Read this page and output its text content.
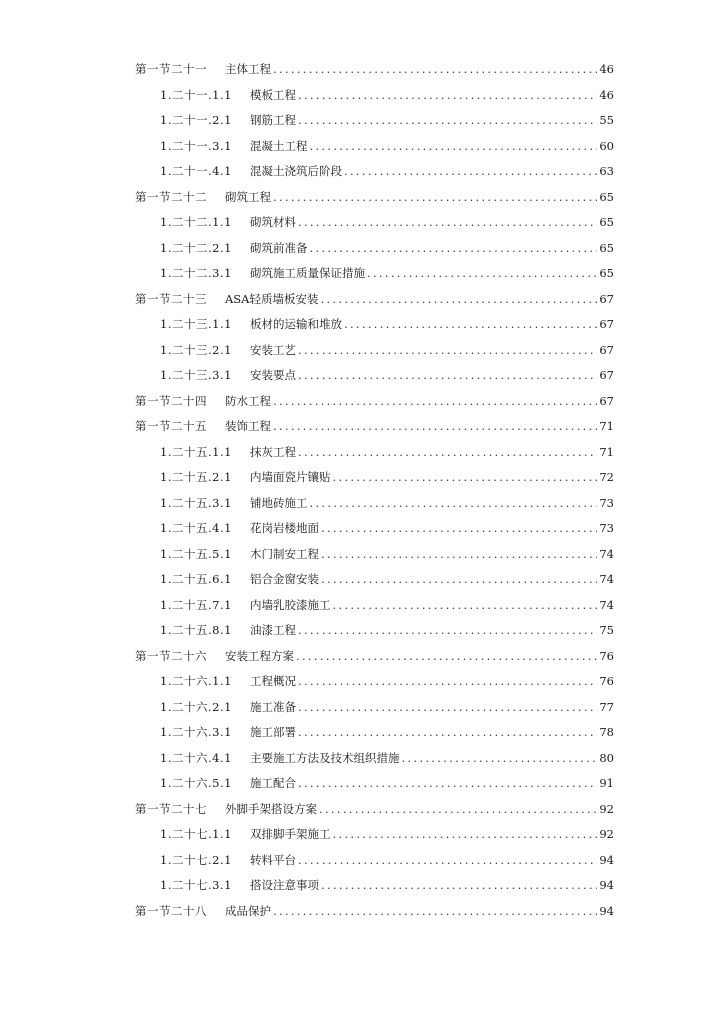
第一节二十一 主体工程 .....	46
1.二十一.1.1 模板工程 .....	46
1.二十一.2.1 钢筋工程 .....	55
1.二十一.3.1 混凝土工程 .....	60
1.二十一.4.1 混凝土浇筑后阶段 .....	63
第一节二十二 砌筑工程 .....	65
1.二十二.1.1 砌筑材料 .....	65
1.二十二.2.1 砌筑前准备 .....	65
1.二十二.3.1 砌筑施工质量保证措施 .....	65
第一节二十三 ASA轻质墙板安装 .....	67
1.二十三.1.1 板材的运输和堆放 .....	67
1.二十三.2.1 安装工艺 .....	67
1.二十三.3.1 安装要点 .....	67
第一节二十四 防水工程 .....	67
第一节二十五 装饰工程 .....	71
1.二十五.1.1 抹灰工程 .....	71
1.二十五.2.1 内墙面瓷片镶贴 .....	72
1.二十五.3.1 铺地砖施工 .....	73
1.二十五.4.1 花岗岩楼地面 .....	73
1.二十五.5.1 木门制安工程 .....	74
1.二十五.6.1 铝合金窗安装 .....	74
1.二十五.7.1 内墙乳胶漆施工 .....	74
1.二十五.8.1 油漆工程 .....	75
第一节二十六 安装工程方案 .....	76
1.二十六.1.1 工程概况 .....	76
1.二十六.2.1 施工准备 .....	77
1.二十六.3.1 施工部署 .....	78
1.二十六.4.1 主要施工方法及技术组织措施 .....	80
1.二十六.5.1 施工配合 .....	91
第一节二十七 外脚手架搭设方案 .....	92
1.二十七.1.1 双排脚手架施工 .....	92
1.二十七.2.1 转料平台 .....	94
1.二十七.3.1 搭设注意事项 .....	94
第一节二十八 成品保护 .....	94
